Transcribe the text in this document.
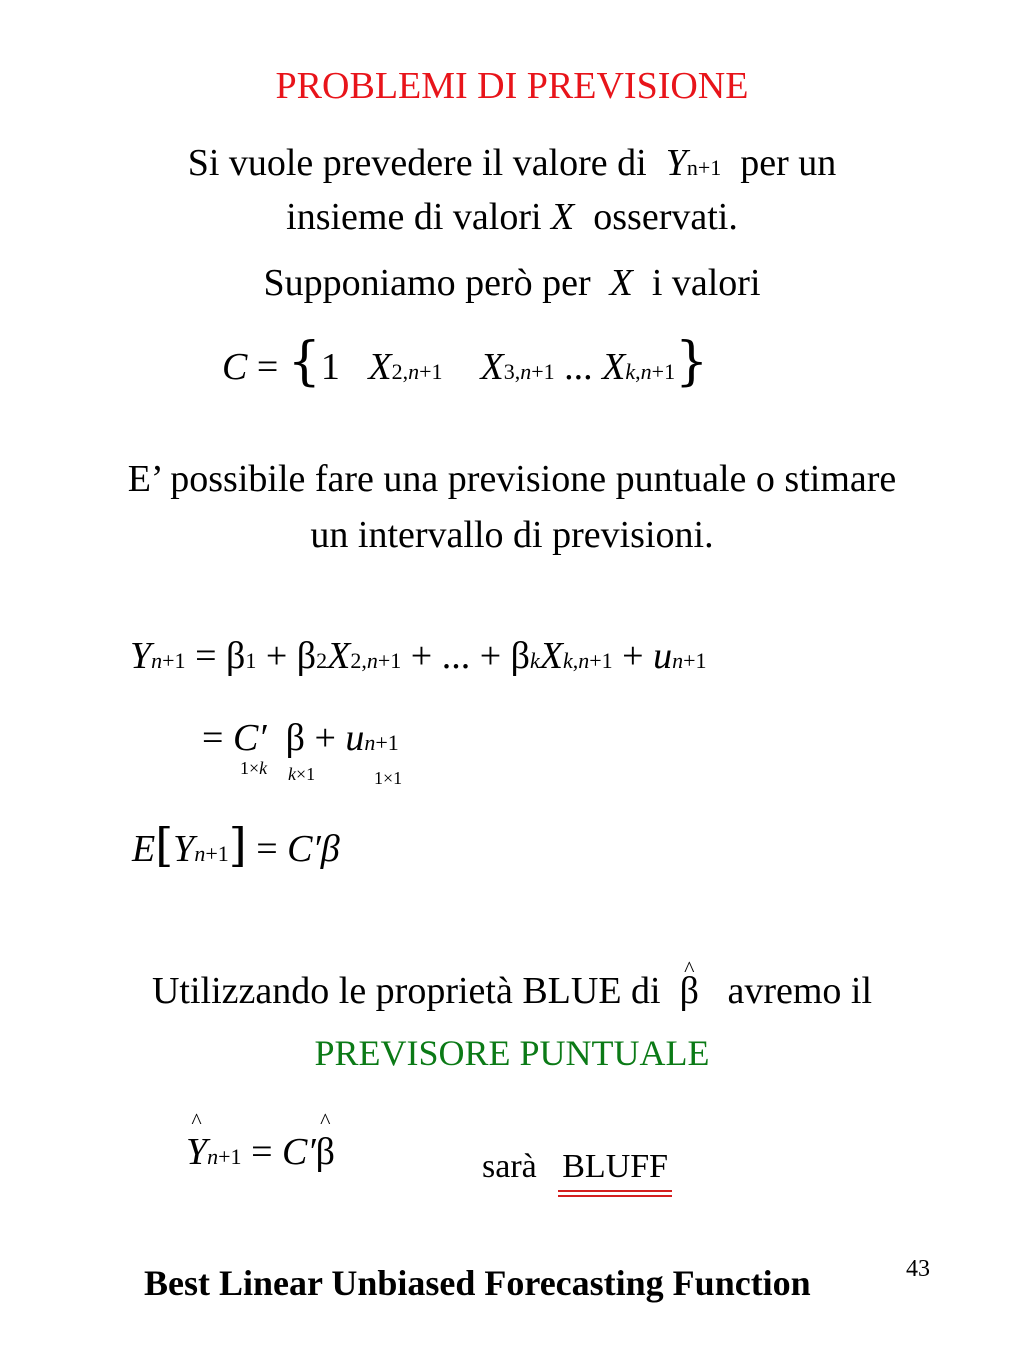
PROBLEMI DI PREVISIONE
Si vuole prevedere il valore di Yn+1 per un
insieme di valori X osservati.
Supponiamo però per X i valori
C = {1 X2,n+1 X3,n+1 ... Xk,n+1}
E’ possibile fare una previsione puntuale o stimare
un intervallo di previsioni.
Yn+1 = β1 + β2X2,n+1 + ... + βkXk,n+1 + un+1
= C′ β + un+1
1×k k×1	1×1
E[Yn+1] = C′β
Utilizzando le proprietà BLUE di  ^ β avremo il
PREVISORE PUNTUALE
^ Yn+1 = C′^ β	sarà BLUFF
Best Linear Unbiased Forecasting Function	43
